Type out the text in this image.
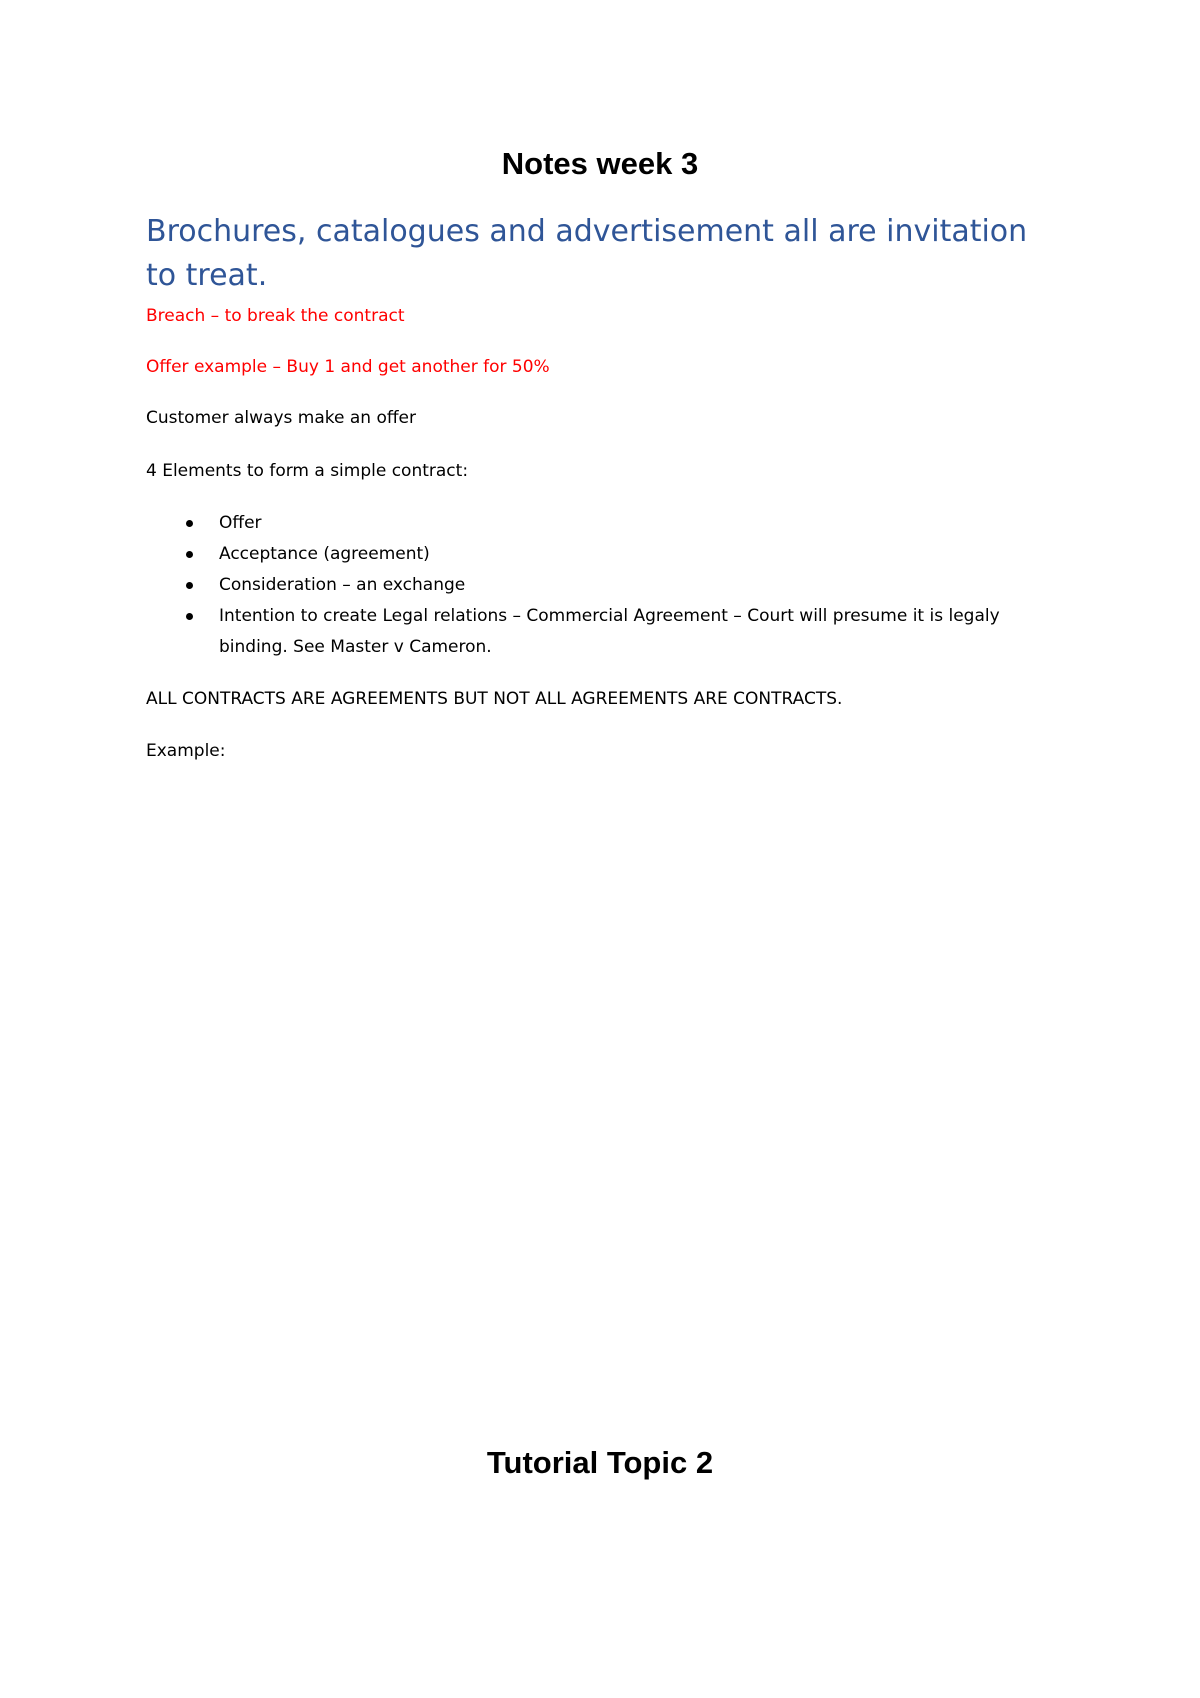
Notes week 3
Brochures, catalogues and advertisement all are invitation to treat.

Breach – to break the contract

Offer example – Buy 1 and get another for 50%

Customer always make an offer

4 Elements to form a simple contract:

Offer
Acceptance (agreement)
Consideration – an exchange
Intention to create Legal relations – Commercial Agreement – Court will presume it is legaly binding. See Master v Cameron.

ALL CONTRACTS ARE AGREEMENTS BUT NOT ALL AGREEMENTS ARE CONTRACTS.

Example:

Tutorial Topic 2
